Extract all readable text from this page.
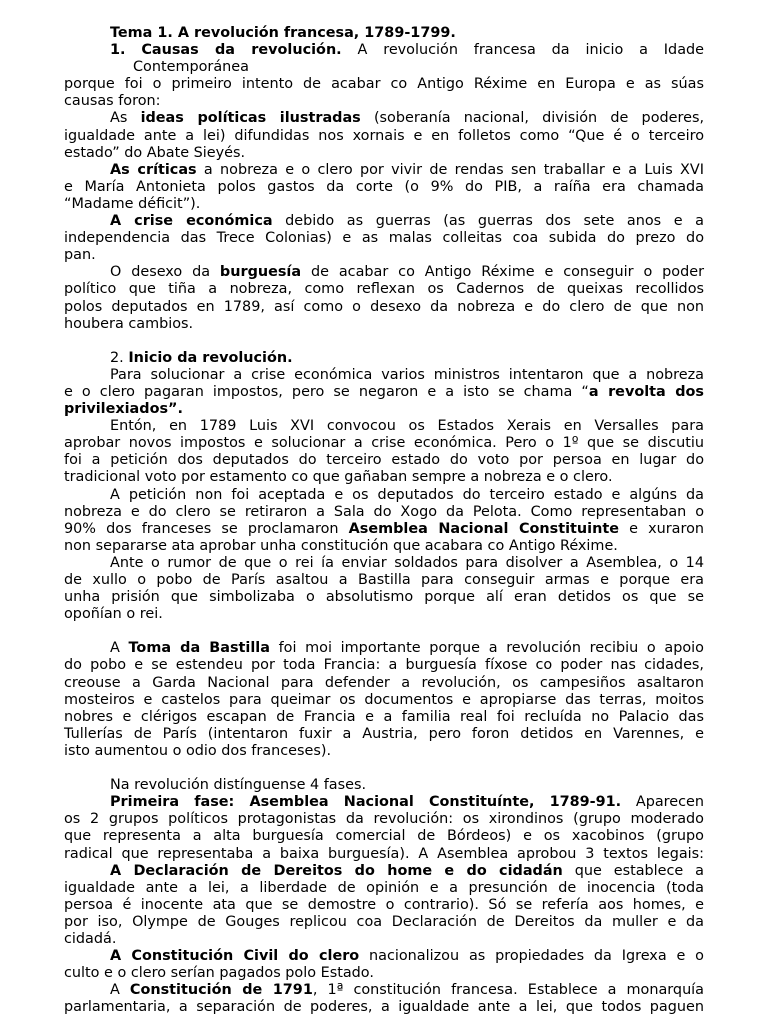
Tema 1. A revolución francesa, 1789-1799.
1. Causas da revolución. A revolución francesa da inicio a Idade
Contemporánea
porque foi o primeiro intento de acabar co Antigo Réxime en Europa e as súas
causas foron:
As ideas políticas ilustradas (soberanía nacional, división de poderes,
igualdade ante a lei) difundidas nos xornais e en folletos como “Que é o terceiro
estado” do Abate Sieyés.
As críticas a nobreza e o clero por vivir de rendas sen traballar e a Luis XVI
e María Antonieta polos gastos da corte (o 9% do PIB, a raíña era chamada
“Madame déficit”).
A crise económica debido as guerras (as guerras dos sete anos e a
independencia das Trece Colonias) e as malas colleitas coa subida do prezo do
pan.
O desexo da burguesía de acabar co Antigo Réxime e conseguir o poder
político que tiña a nobreza, como reflexan os Cadernos de queixas recollidos
polos deputados en 1789, así como o desexo da nobreza e do clero de que non
houbera cambios.
2. Inicio da revolución.
Para solucionar a crise económica varios ministros intentaron que a nobreza
e o clero pagaran impostos, pero se negaron e a isto se chama “a revolta dos
privilexiados”.
Entón, en 1789 Luis XVI convocou os Estados Xerais en Versalles para
aprobar novos impostos e solucionar a crise económica. Pero o 1º que se discutiu
foi a petición dos deputados do terceiro estado do voto por persoa en lugar do
tradicional voto por estamento co que gañaban sempre a nobreza e o clero.
A petición non foi aceptada e os deputados do terceiro estado e algúns da
nobreza e do clero se retiraron a Sala do Xogo da Pelota. Como representaban o
90% dos franceses se proclamaron Asemblea Nacional Constituinte e xuraron
non separarse ata aprobar unha constitución que acabara co Antigo Réxime.
Ante o rumor de que o rei ía enviar soldados para disolver a Asemblea, o 14
de xullo o pobo de París asaltou a Bastilla para conseguir armas e porque era
unha prisión que simbolizaba o absolutismo porque alí eran detidos os que se
opoñían o rei.
A Toma da Bastilla foi moi importante porque a revolución recibiu o apoio
do pobo e se estendeu por toda Francia: a burguesía fíxose co poder nas cidades,
creouse a Garda Nacional para defender a revolución, os campesiños asaltaron
mosteiros e castelos para queimar os documentos e apropiarse das terras, moitos
nobres e clérigos escapan de Francia e a familia real foi recluída no Palacio das
Tullerías de París (intentaron fuxir a Austria, pero foron detidos en Varennes, e
isto aumentou o odio dos franceses).
Na revolución distínguense 4 fases.
Primeira fase: Asemblea Nacional Constituínte, 1789-91. Aparecen
os 2 grupos políticos protagonistas da revolución: os xirondinos (grupo moderado
que representa a alta burguesía comercial de Bórdeos) e os xacobinos (grupo
radical que representaba a baixa burguesía). A Asemblea aprobou 3 textos legais:
A Declaración de Dereitos do home e do cidadán que establece a
igualdade ante a lei, a liberdade de opinión e a presunción de inocencia (toda
persoa é inocente ata que se demostre o contrario). Só se refería aos homes, e
por iso, Olympe de Gouges replicou coa Declaración de Dereitos da muller e da
cidadá.
A Constitución Civil do clero nacionalizou as propiedades da Igrexa e o
culto e o clero serían pagados polo Estado.
A Constitución de 1791, 1ª constitución francesa. Establece a monarquía
parlamentaria, a separación de poderes, a igualdade ante a lei, que todos paguen
